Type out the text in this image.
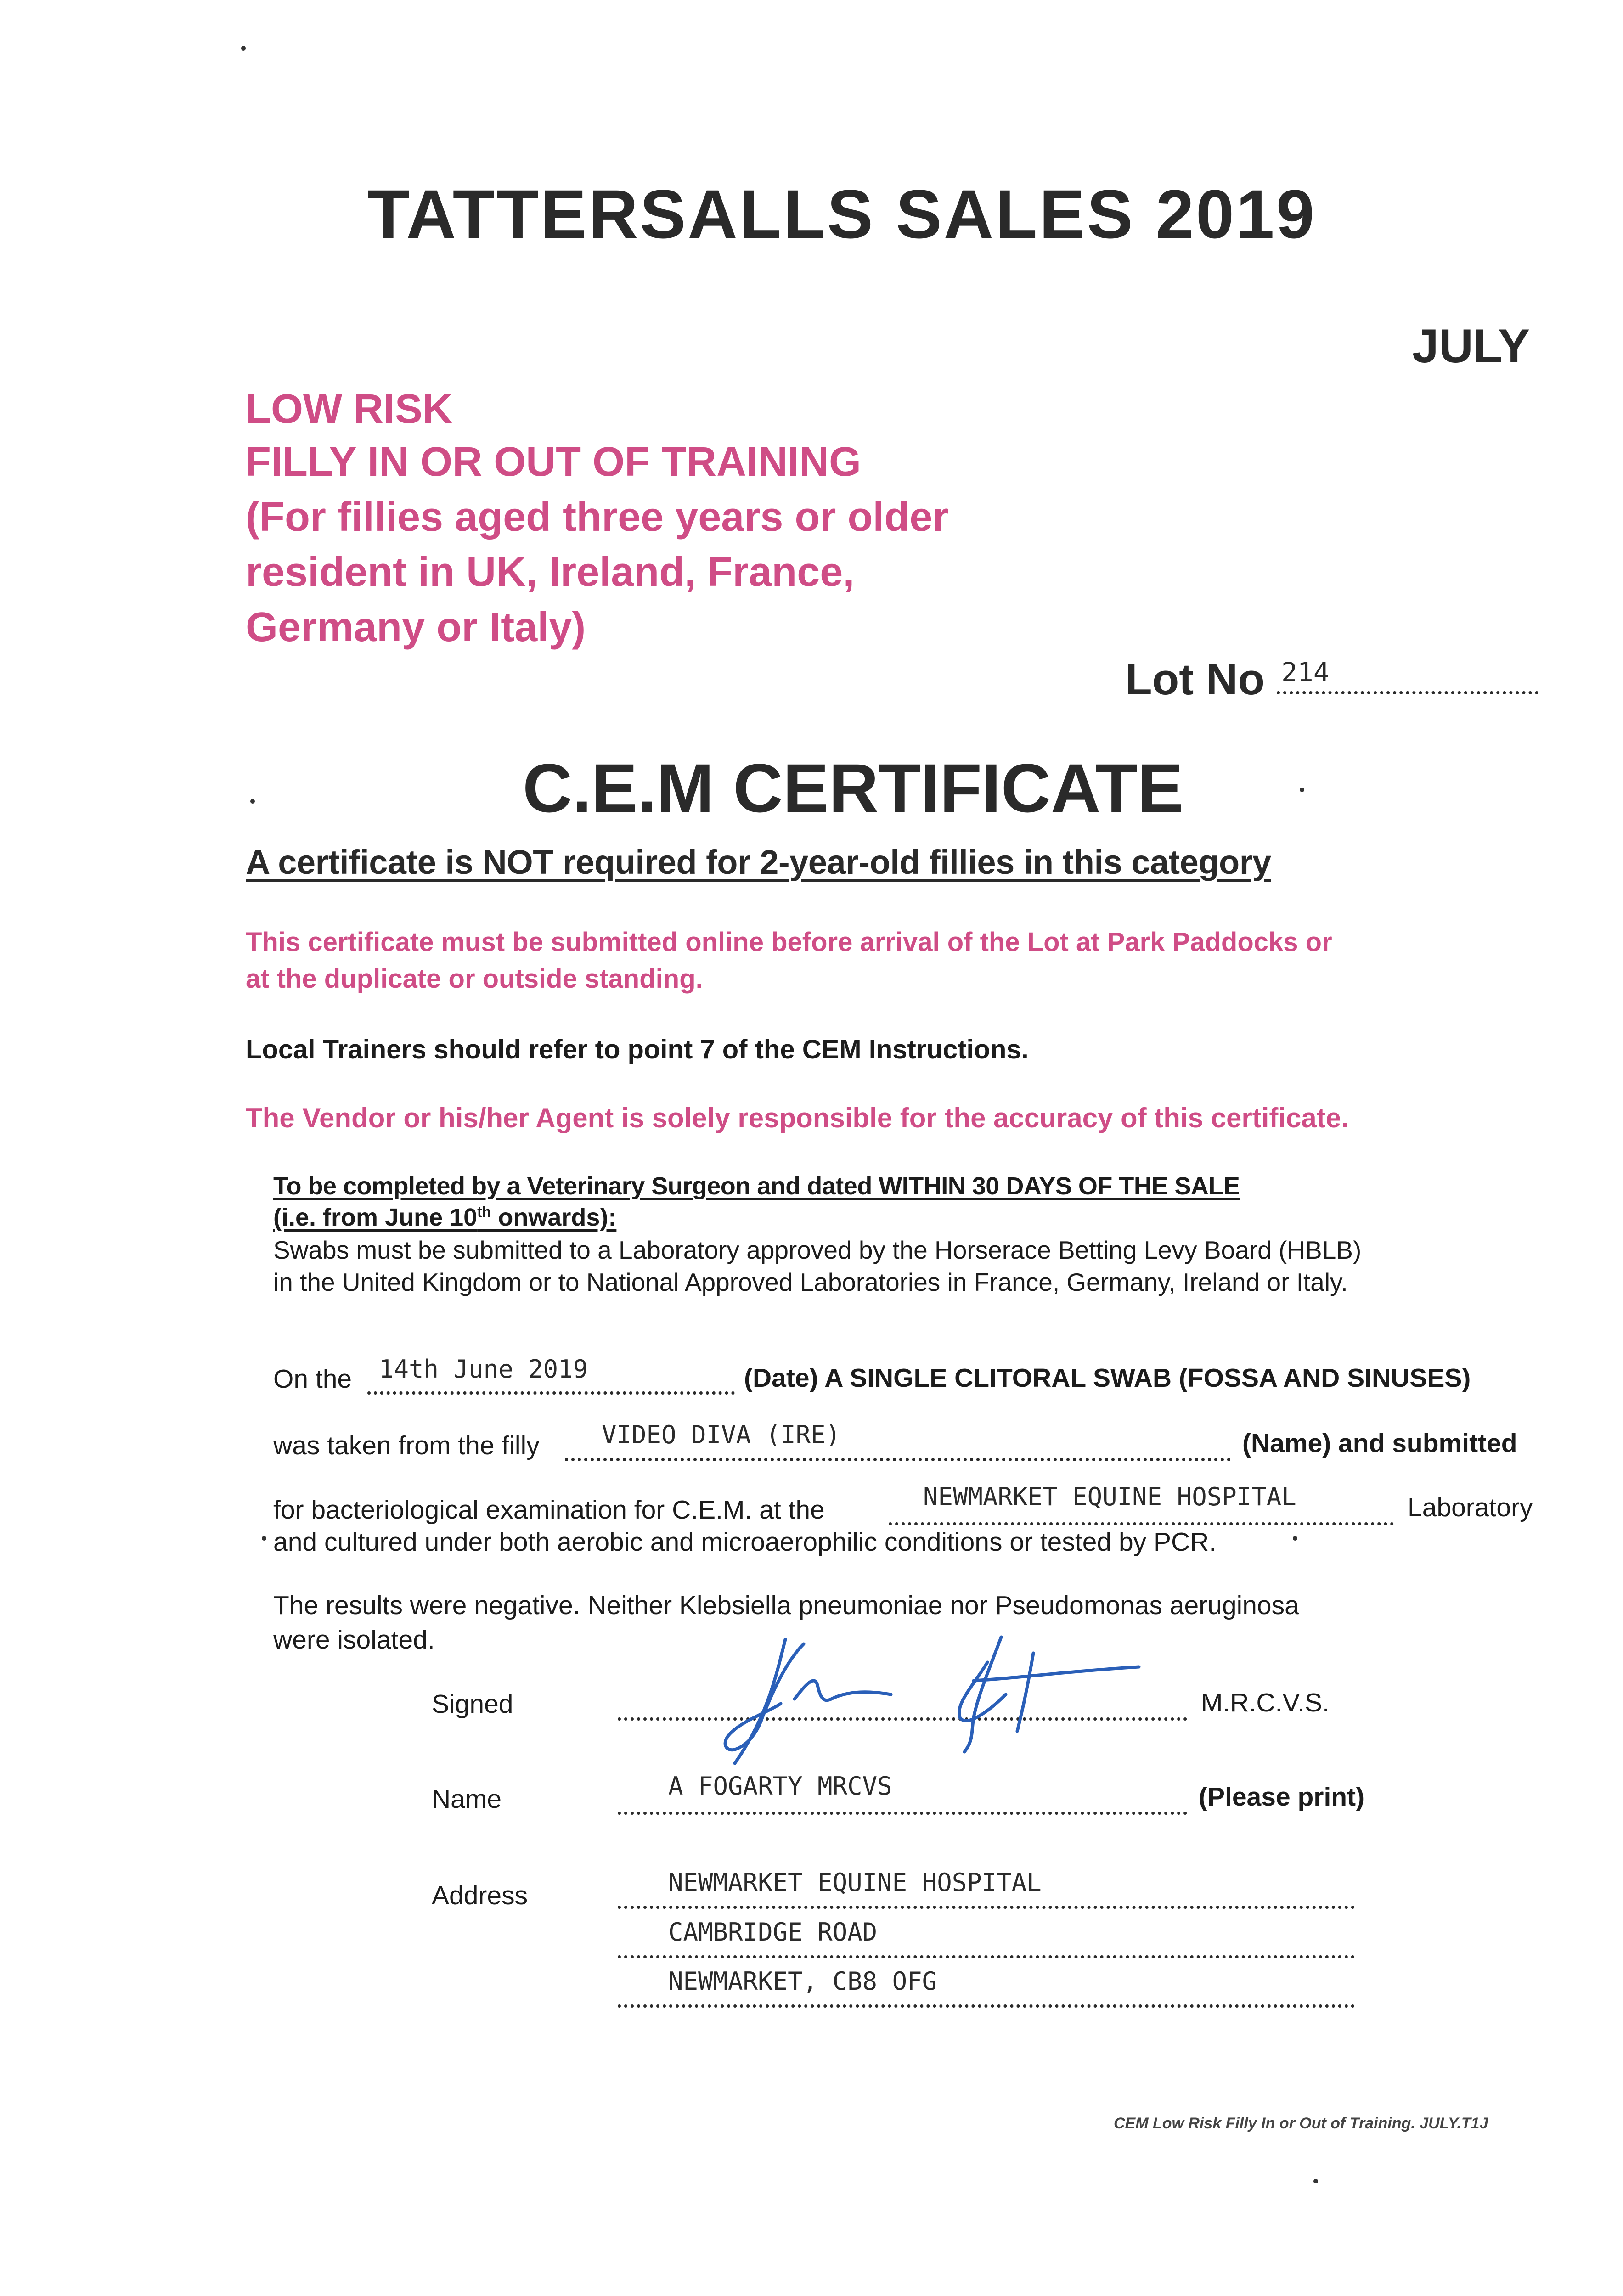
TATTERSALLS SALES 2019
JULY
LOW RISK
FILLY IN OR OUT OF TRAINING
(For fillies aged three years or older
resident in UK, Ireland, France,
Germany or Italy)
Lot No 214
C.E.M CERTIFICATE
A certificate is NOT required for 2-year-old fillies in this category
This certificate must be submitted online before arrival of the Lot at Park Paddocks or
at the duplicate or outside standing.
Local Trainers should refer to point 7 of the CEM Instructions.
The Vendor or his/her Agent is solely responsible for the accuracy of this certificate.
To be completed by a Veterinary Surgeon and dated WITHIN 30 DAYS OF THE SALE
(i.e. from June 10th onwards):
Swabs must be submitted to a Laboratory approved by the Horserace Betting Levy Board (HBLB)
in the United Kingdom or to National Approved Laboratories in France, Germany, Ireland or Italy.
On the 14th June 2019	(Date) A SINGLE CLITORAL SWAB (FOSSA AND SINUSES)
was taken from the filly	VIDEO DIVA (IRE)	(Name) and submitted
for bacteriological examination for C.E.M. at the	NEWMARKET EQUINE HOSPITAL	Laboratory
and cultured under both aerobic and microaerophilic conditions or tested by PCR.
The results were negative. Neither Klebsiella pneumoniae nor Pseudomonas aeruginosa
were isolated.
Signed	M.R.C.V.S.
Name	A FOGARTY MRCVS	(Please print)
Address	NEWMARKET EQUINE HOSPITAL
CAMBRIDGE ROAD
NEWMARKET, CB8 OFG
CEM Low Risk Filly In or Out of Training. JULY.T1J
